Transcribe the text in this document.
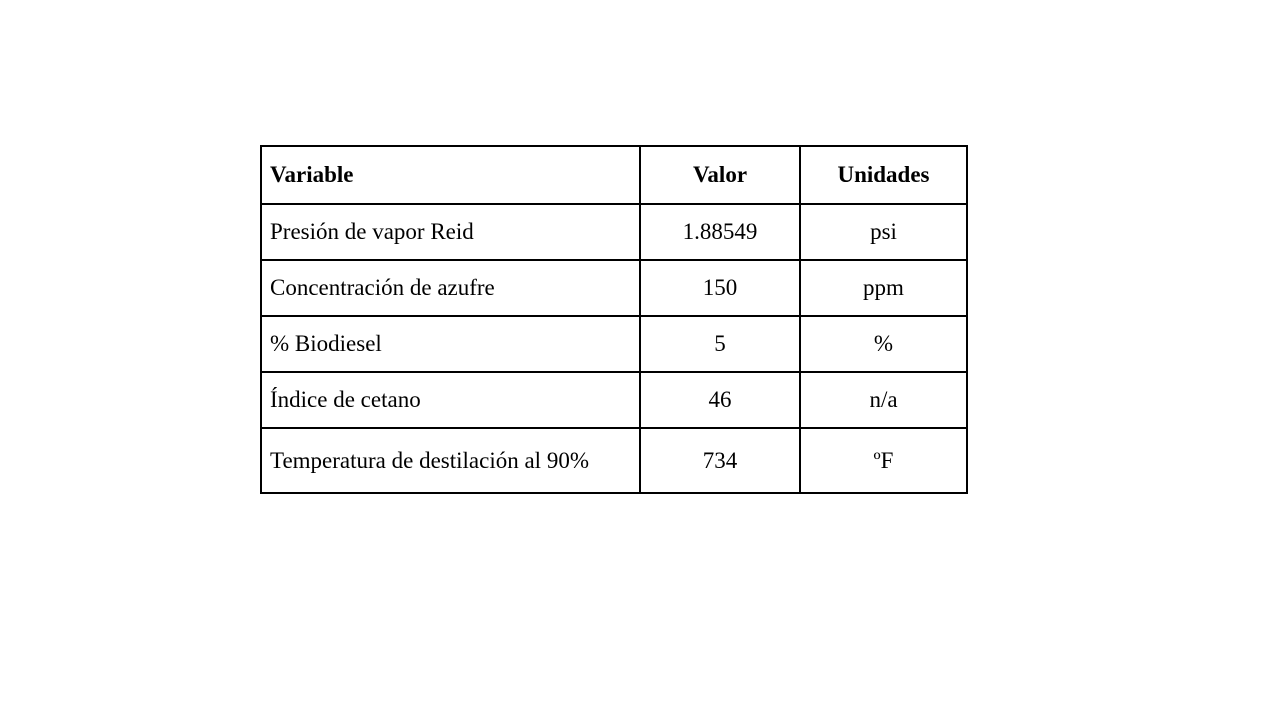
Variable	Valor	Unidades
Presión de vapor Reid	1.88549	psi
Concentración de azufre	150	ppm
% Biodiesel	5	%
Índice de cetano	46	n/a
Temperatura de destilación al 90%	734	ºF
